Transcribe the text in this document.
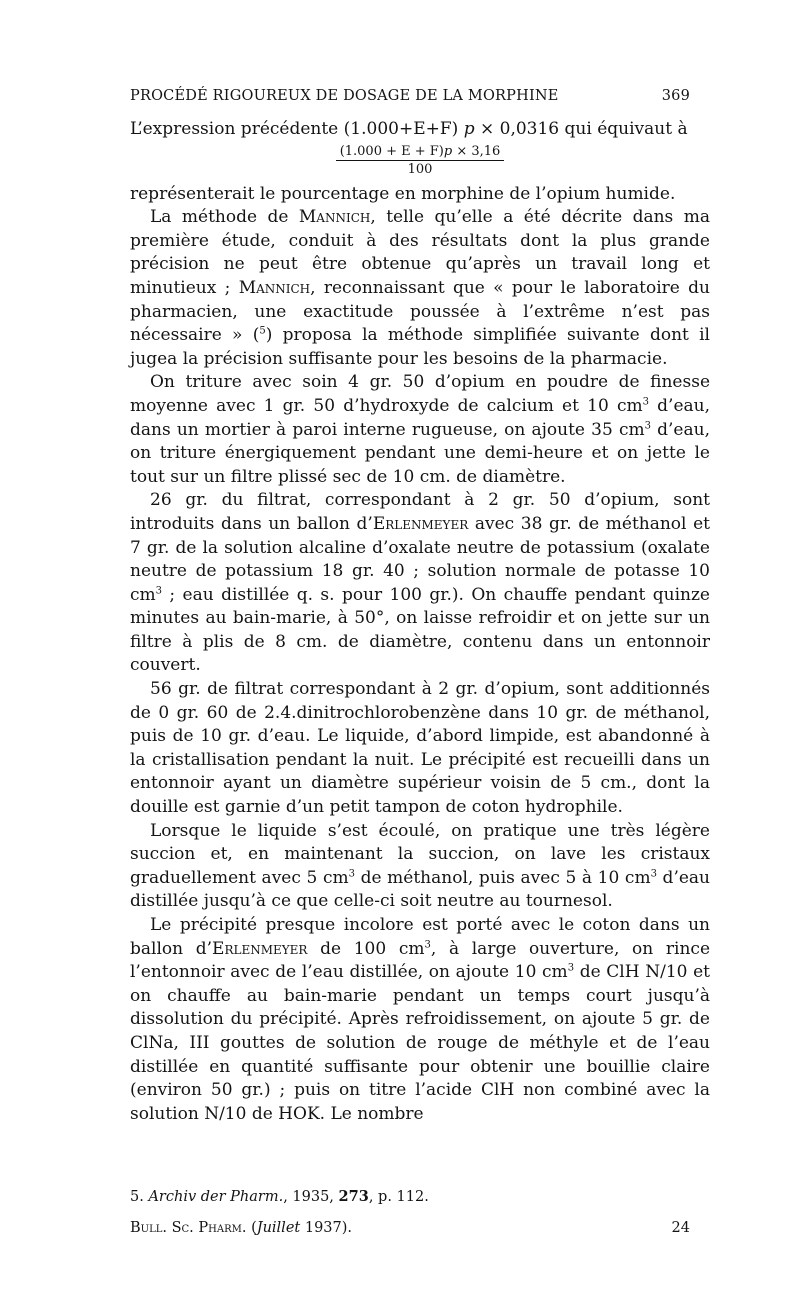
PROCÉDÉ RIGOUREUX DE DOSAGE DE LA MORPHINE	369

L’expression précédente (1.000+E+F) p × 0,0316 qui équivaut à

(1.000 + E + F)p × 3,16
100

représenterait le pourcentage en morphine de l’opium humide.

La méthode de Mannich, telle qu’elle a été décrite dans ma première étude, conduit à des résultats dont la plus grande précision ne peut être obtenue qu’après un travail long et minutieux ; Mannich, reconnaissant que « pour le laboratoire du pharmacien, une exactitude poussée à l’extrême n’est pas nécessaire » ($^5$) proposa la méthode simplifiée suivante dont il jugea la précision suffisante pour les besoins de la pharmacie.

On triture avec soin 4 gr. 50 d’opium en poudre de finesse moyenne avec 1 gr. 50 d’hydroxyde de calcium et 10 $cm^3$ d’eau, dans un mortier à paroi interne rugueuse, on ajoute 35 $cm^3$ d’eau, on triture énergiquement pendant une demi-heure et on jette le tout sur un filtre plissé sec de 10 cm. de diamètre.

26 gr. du filtrat, correspondant à 2 gr. 50 d’opium, sont introduits dans un ballon d’Erlenmeyer avec 38 gr. de méthanol et 7 gr. de la solution alcaline d’oxalate neutre de potassium (oxalate neutre de potassium 18 gr. 40 ; solution normale de potasse 10 $cm^3$ ; eau distillée q. s. pour 100 gr.). On chauffe pendant quinze minutes au bain-marie, à 50°, on laisse refroidir et on jette sur un filtre à plis de 8 cm. de diamètre, contenu dans un entonnoir couvert.

56 gr. de filtrat correspondant à 2 gr. d’opium, sont additionnés de 0 gr. 60 de 2.4.dinitrochlorobenzène dans 10 gr. de méthanol, puis de 10 gr. d’eau. Le liquide, d’abord limpide, est abandonné à la cristallisation pendant la nuit. Le précipité est recueilli dans un entonnoir ayant un diamètre supérieur voisin de 5 cm., dont la douille est garnie d’un petit tampon de coton hydrophile.

Lorsque le liquide s’est écoulé, on pratique une très légère succion et, en maintenant la succion, on lave les cristaux graduellement avec 5 $cm^3$ de méthanol, puis avec 5 à 10 $cm^3$ d’eau distillée jusqu’à ce que celle-ci soit neutre au tournesol.

Le précipité presque incolore est porté avec le coton dans un ballon d’Erlenmeyer de 100 $cm^3$, à large ouverture, on rince l’entonnoir avec de l’eau distillée, on ajoute 10 $cm^3$ de ClH N/10 et on chauffe au bain-marie pendant un temps court jusqu’à dissolution du précipité. Après refroidissement, on ajoute 5 gr. de ClNa, III gouttes de solution de rouge de méthyle et de l’eau distillée en quantité suffisante pour obtenir une bouillie claire (environ 50 gr.) ; puis on titre l’acide ClH non combiné avec la solution N/10 de HOK. Le nombre

5. Archiv der Pharm., 1935, 273, p. 112.
Bull. Sc. Pharm. (Juillet 1937).	24
